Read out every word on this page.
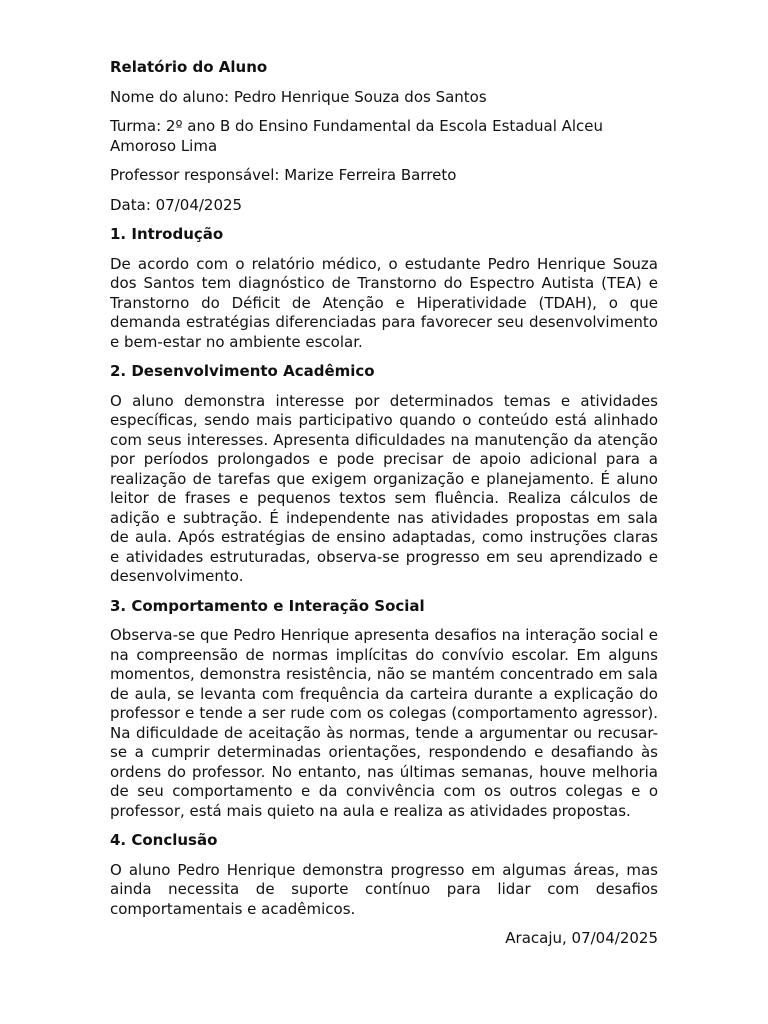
Relatório do Aluno
Nome do aluno: Pedro Henrique Souza dos Santos
Turma: 2º ano B do Ensino Fundamental da Escola Estadual Alceu Amoroso Lima
Professor responsável: Marize Ferreira Barreto
Data: 07/04/2025
1. Introdução
De acordo com o relatório médico, o estudante Pedro Henrique Souza dos Santos tem diagnóstico de Transtorno do Espectro Autista (TEA) e Transtorno do Déficit de Atenção e Hiperatividade (TDAH), o que demanda estratégias diferenciadas para favorecer seu desenvolvimento e bem-estar no ambiente escolar.
2. Desenvolvimento Acadêmico
O aluno demonstra interesse por determinados temas e atividades específicas, sendo mais participativo quando o conteúdo está alinhado com seus interesses. Apresenta dificuldades na manutenção da atenção por períodos prolongados e pode precisar de apoio adicional para a realização de tarefas que exigem organização e planejamento. É aluno leitor de frases e pequenos textos sem fluência. Realiza cálculos de adição e subtração. É independente nas atividades propostas em sala de aula. Após estratégias de ensino adaptadas, como instruções claras e atividades estruturadas, observa-se progresso em seu aprendizado e desenvolvimento.
3. Comportamento e Interação Social
Observa-se que Pedro Henrique apresenta desafios na interação social e na compreensão de normas implícitas do convívio escolar. Em alguns momentos, demonstra resistência, não se mantém concentrado em sala de aula, se levanta com frequência da carteira durante a explicação do professor e tende a ser rude com os colegas (comportamento agressor). Na dificuldade de aceitação às normas, tende a argumentar ou recusar-se a cumprir determinadas orientações, respondendo e desafiando às ordens do professor. No entanto, nas últimas semanas, houve melhoria de seu comportamento e da convivência com os outros colegas e o professor, está mais quieto na aula e realiza as atividades propostas.
4. Conclusão
O aluno Pedro Henrique demonstra progresso em algumas áreas, mas ainda necessita de suporte contínuo para lidar com desafios comportamentais e acadêmicos.
Aracaju, 07/04/2025
